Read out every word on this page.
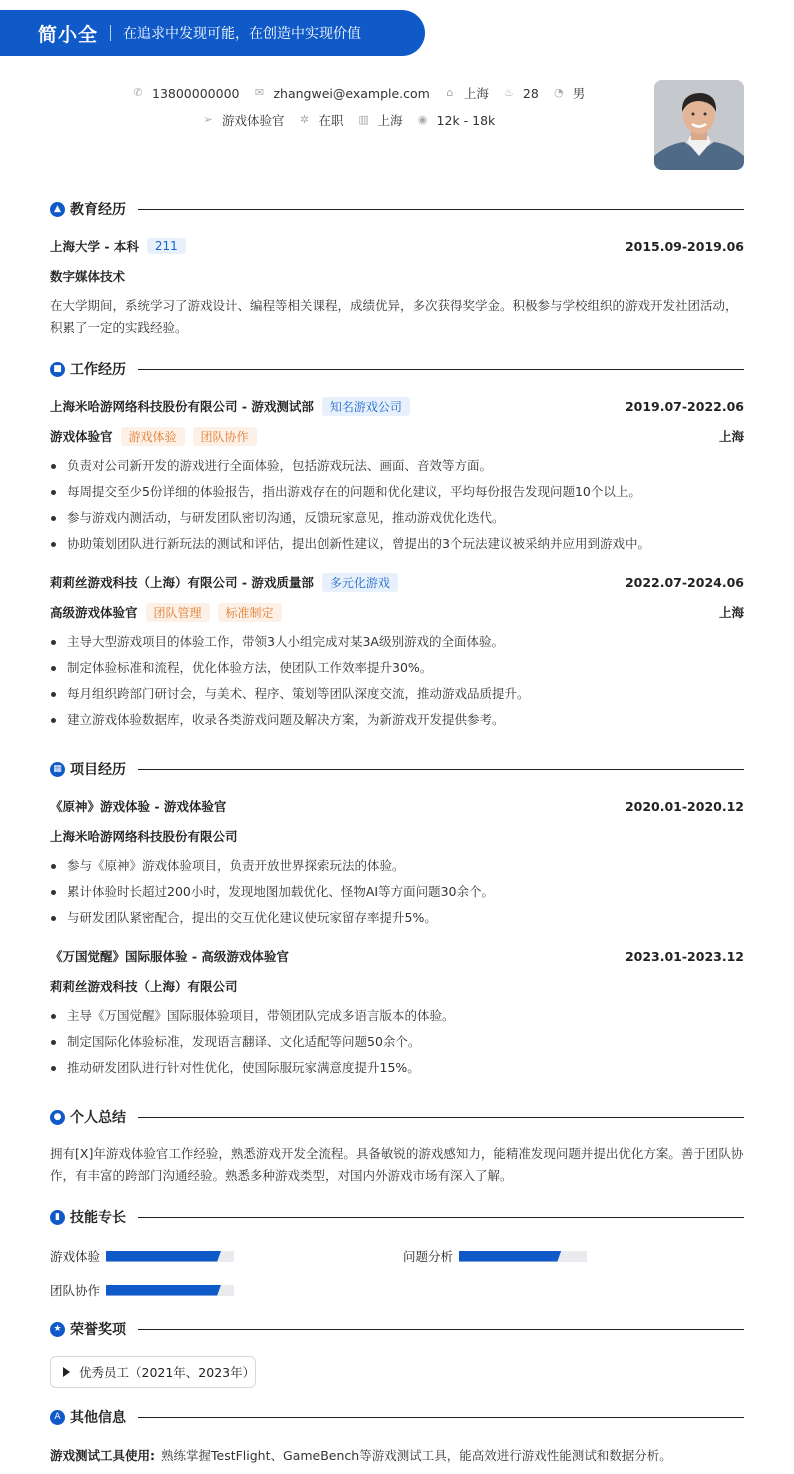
简小全 在追求中发现可能，在创造中实现价值
✆ 13800000000 ✉ zhangwei@example.com ⌂ 上海 ♨ 28 ◔ 男
➢ 游戏体验官 ✲ 在职 ▥ 上海 ◉ 12k - 18k
▲ 教育经历
上海大学 - 本科	211	2015.09-2019.06
数字媒体技术
在大学期间，系统学习了游戏设计、编程等相关课程，成绩优异，多次获得奖学金。积极参与学校组织的游戏开发社团活动，积累了一定的实践经验。
■ 工作经历
上海米哈游网络科技股份有限公司 - 游戏测试部	知名游戏公司	2019.07-2022.06
游戏体验官	游戏体验	团队协作	上海
负责对公司新开发的游戏进行全面体验，包括游戏玩法、画面、音效等方面。
每周提交至少5份详细的体验报告，指出游戏存在的问题和优化建议，平均每份报告发现问题10个以上。
参与游戏内测活动，与研发团队密切沟通，反馈玩家意见，推动游戏优化迭代。
协助策划团队进行新玩法的测试和评估，提出创新性建议，曾提出的3个玩法建议被采纳并应用到游戏中。
莉莉丝游戏科技（上海）有限公司 - 游戏质量部	多元化游戏	2022.07-2024.06
高级游戏体验官	团队管理	标准制定	上海
主导大型游戏项目的体验工作，带领3人小组完成对某3A级别游戏的全面体验。
制定体验标准和流程，优化体验方法，使团队工作效率提升30%。
每月组织跨部门研讨会，与美术、程序、策划等团队深度交流，推动游戏品质提升。
建立游戏体验数据库，收录各类游戏问题及解决方案，为新游戏开发提供参考。
▦ 项目经历
《原神》游戏体验 - 游戏体验官	2020.01-2020.12
上海米哈游网络科技股份有限公司
参与《原神》游戏体验项目，负责开放世界探索玩法的体验。
累计体验时长超过200小时，发现地图加载优化、怪物AI等方面问题30余个。
与研发团队紧密配合，提出的交互优化建议使玩家留存率提升5%。
《万国觉醒》国际服体验 - 高级游戏体验官	2023.01-2023.12
莉莉丝游戏科技（上海）有限公司
主导《万国觉醒》国际服体验项目，带领团队完成多语言版本的体验。
制定国际化体验标准，发现语言翻译、文化适配等问题50余个。
推动研发团队进行针对性优化，使国际服玩家满意度提升15%。
● 个人总结
拥有[X]年游戏体验官工作经验，熟悉游戏开发全流程。具备敏锐的游戏感知力，能精准发现问题并提出优化方案。善于团队协作，有丰富的跨部门沟通经验。熟悉多种游戏类型，对国内外游戏市场有深入了解。
▮ 技能专长
游戏体验	问题分析
团队协作
★ 荣誉奖项
优秀员工（2021年、2023年）
A 其他信息
游戏测试工具使用: 熟练掌握TestFlight、GameBench等游戏测试工具，能高效进行游戏性能测试和数据分析。
